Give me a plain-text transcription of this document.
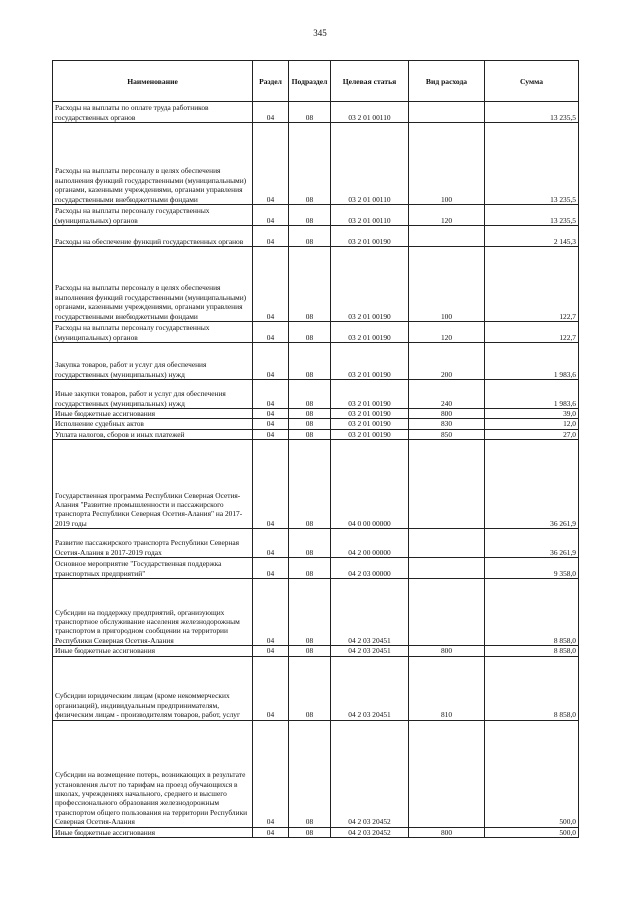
345
Наименование	Раздел	Подраздел	Целевая статья	Вид расхода	Сумма
Расходы на выплаты по оплате труда работников государственных органов	04	08	03 2 01 00110		13 235,5
Расходы на выплаты персоналу в целях обеспечения выполнения функций государственными (муниципальными) органами, казенными учреждениями, органами управления государственными внебюджетными фондами	04	08	03 2 01 00110	100	13 235,5
Расходы на выплаты персоналу государственных (муниципальных) органов	04	08	03 2 01 00110	120	13 235,5
Расходы на обеспечение функций государственных органов	04	08	03 2 01 00190		2 145,3
Расходы на выплаты персоналу в целях обеспечения выполнения функций государственными (муниципальными) органами, казенными учреждениями, органами управления государственными внебюджетными фондами	04	08	03 2 01 00190	100	122,7
Расходы на выплаты персоналу государственных (муниципальных) органов	04	08	03 2 01 00190	120	122,7
Закупка товаров, работ и услуг для обеспечения государственных (муниципальных) нужд	04	08	03 2 01 00190	200	1 983,6
Иные закупки товаров, работ и услуг для обеспечения государственных (муниципальных) нужд	04	08	03 2 01 00190	240	1 983,6
Иные бюджетные ассигнования	04	08	03 2 01 00190	800	39,0
Исполнение судебных актов	04	08	03 2 01 00190	830	12,0
Уплата налогов, сборов и иных платежей	04	08	03 2 01 00190	850	27,0
Государственная программа Республики Северная Осетия-Алания "Развитие промышленности и пассажирского транспорта Республики Северная Осетия-Алания" на 2017-2019 годы	04	08	04 0 00 00000		36 261,9
Развитие пассажирского транспорта Республики Северная Осетия-Алания в 2017-2019 годах	04	08	04 2 00 00000		36 261,9
Основное мероприятие "Государственная поддержка транспортных предприятий"	04	08	04 2 03 00000		9 358,0
Субсидии на поддержку предприятий, организующих транспортное обслуживание населения железнодорожным транспортом в пригородном сообщении на территории Республики Северная Осетия-Алания	04	08	04 2 03 20451		8 858,0
Иные бюджетные ассигнования	04	08	04 2 03 20451	800	8 858,0
Субсидии юридическим лицам (кроме некоммерческих организаций), индивидуальным предпринимателям, физическим лицам - производителям товаров, работ, услуг	04	08	04 2 03 20451	810	8 858,0
Субсидии на возмещение потерь, возникающих в результате установления льгот по тарифам на проезд обучающихся в школах, учреждениях начального, среднего и высшего профессионального образования железнодорожным транспортом общего пользования на территории Республики Северная Осетия-Алания	04	08	04 2 03 20452		500,0
Иные бюджетные ассигнования	04	08	04 2 03 20452	800	500,0
